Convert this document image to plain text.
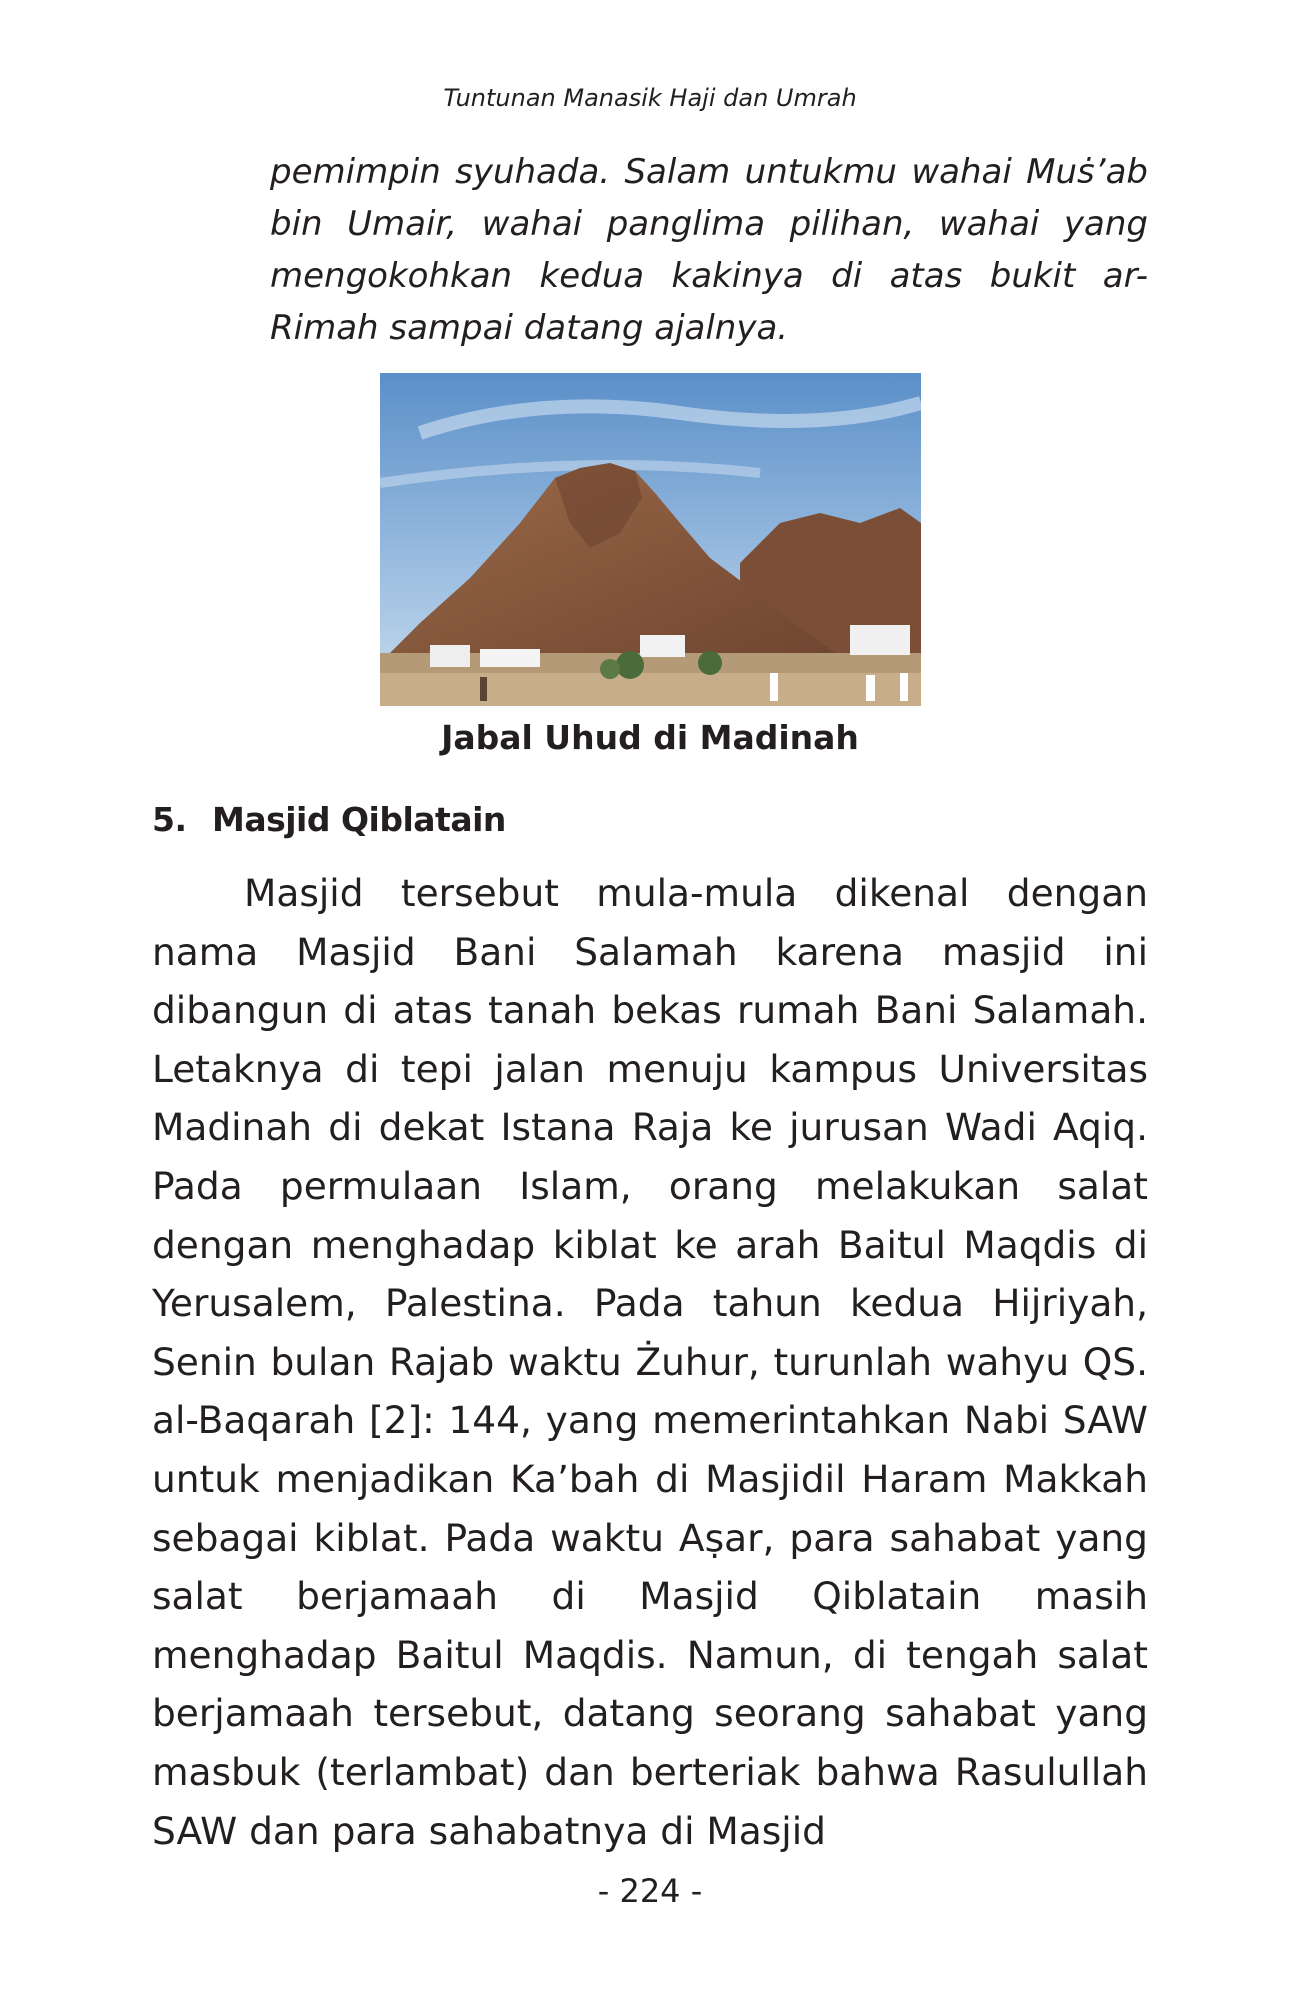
Tuntunan Manasik Haji dan Umrah
pemimpin syuhada. Salam untukmu wahai Muṡ’ab bin Umair, wahai panglima pilihan, wahai yang mengokohkan kedua kakinya di atas bukit ar-Rimah sampai datang ajalnya.
Jabal Uhud di Madinah
5. Masjid Qiblatain

Masjid tersebut mula-mula dikenal dengan nama Masjid Bani Salamah karena masjid ini dibangun di atas tanah bekas rumah Bani Salamah. Letaknya di tepi jalan menuju kampus Universitas Madinah di dekat Istana Raja ke jurusan Wadi Aqiq. Pada permulaan Islam, orang melakukan salat dengan menghadap kiblat ke arah Baitul Maqdis di Yerusalem, Palestina. Pada tahun kedua Hijriyah, Senin bulan Rajab waktu Żuhur, turunlah wahyu QS. al-Baqarah [2]: 144, yang memerintahkan Nabi SAW untuk menjadikan Ka’bah di Masjidil Haram Makkah sebagai kiblat. Pada waktu Aṣar, para sahabat yang salat berjamaah di Masjid Qiblatain masih menghadap Baitul Maqdis. Namun, di tengah salat berjamaah tersebut, datang seorang sahabat yang masbuk (terlambat) dan berteriak bahwa Rasulullah SAW dan para sahabatnya di Masjid

- 224 -
